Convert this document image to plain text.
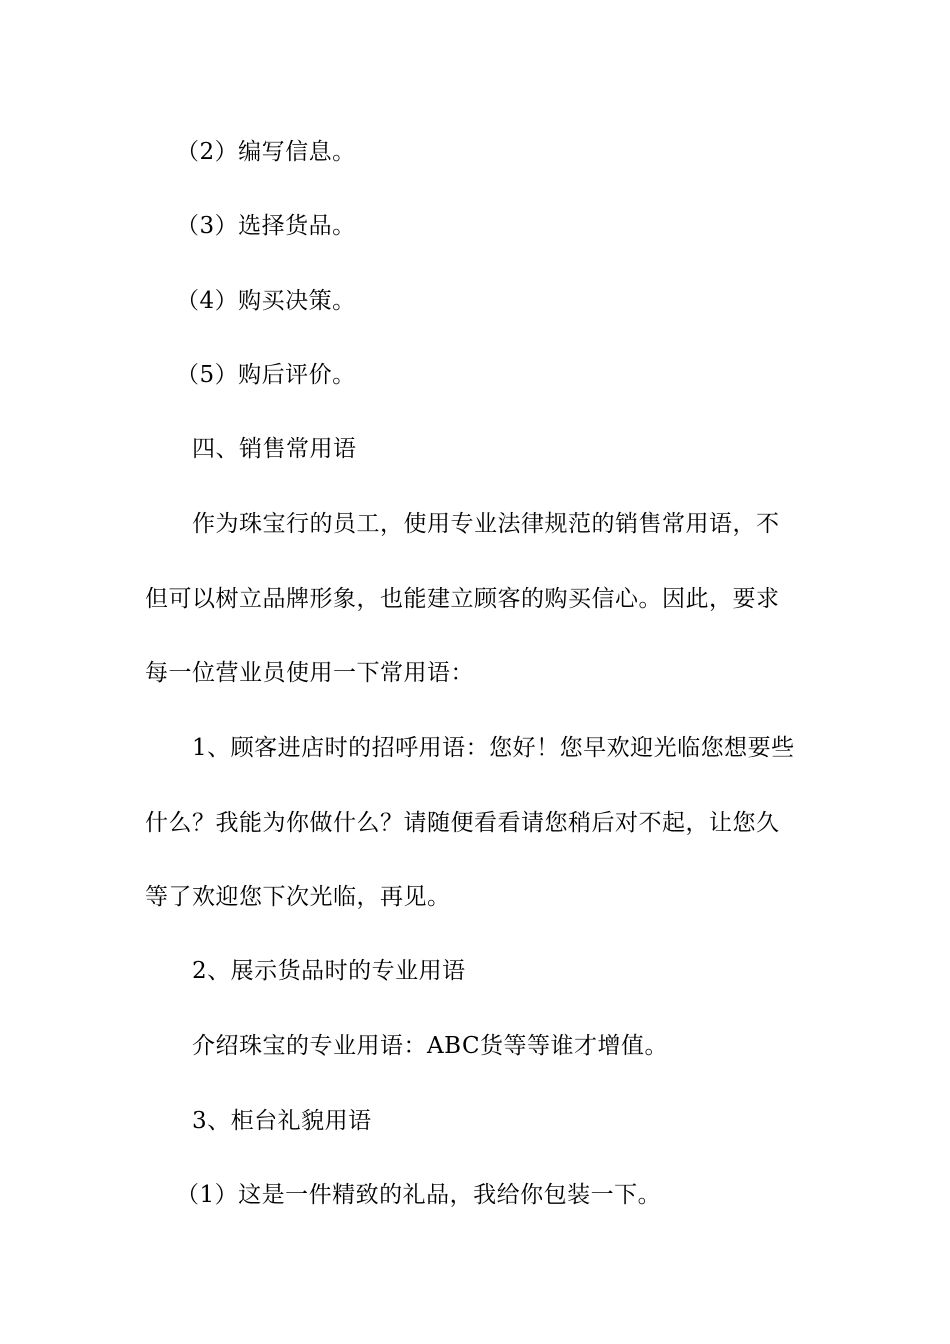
（2）编写信息。
（3）选择货品。
（4）购买决策。
（5）购后评价。
四、销售常用语
作为珠宝行的员工，使用专业法律规范的销售常用语，不
但可以树立品牌形象，也能建立顾客的购买信心。因此，要求
每一位营业员使用一下常用语：
1、顾客进店时的招呼用语：您好！您早欢迎光临您想要些
什么？我能为你做什么？请随便看看请您稍后对不起，让您久
等了欢迎您下次光临，再见。
2、展示货品时的专业用语
介绍珠宝的专业用语：ABC货等等谁才增值。
3、柜台礼貌用语
（1）这是一件精致的礼品，我给你包装一下。
